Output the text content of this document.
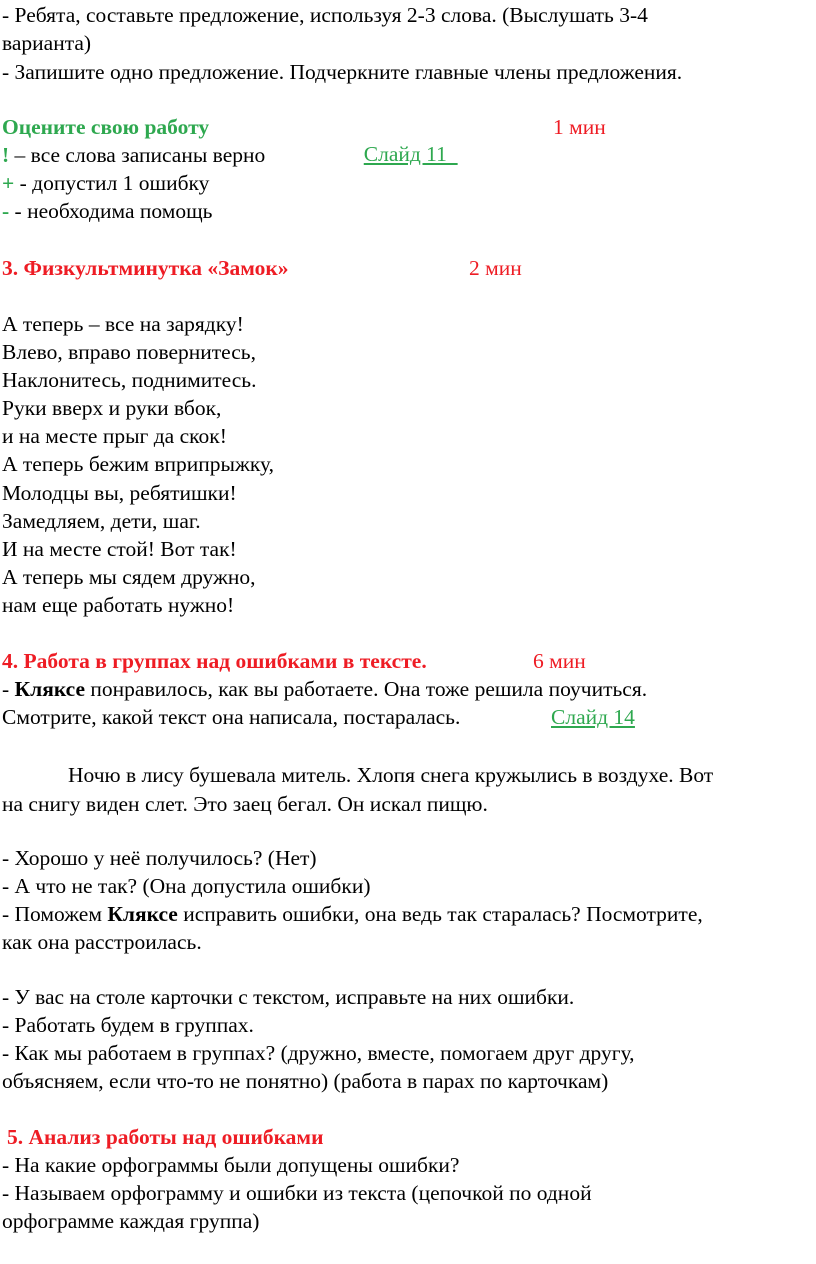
- Ребята, составьте предложение, используя 2-3 слова. (Выслушать 3-4
варианта)
- Запишите одно предложение. Подчеркните главные члены предложения.
Оцените свою работу

Слайд 11

1 мин
! – все слова записаны верно
+ - допустил 1 ошибку
- - необходима помощь
3. Физкультминутка «Замок»	2 мин
А теперь – все на зарядку!
Влево, вправо повернитесь,
Наклонитесь, поднимитесь.
Руки вверх и руки вбок,
и на месте прыг да скок!
А теперь бежим вприпрыжку,
Молодцы вы, ребятишки!
Замедляем, дети, шаг.
И на месте стой! Вот так!
А теперь мы сядем дружно,
нам еще работать нужно!
4. Работа в группах над ошибками в тексте.	6 мин
- Кляксе понравилось, как вы работаете. Она тоже решила поучиться.
Смотрите, какой текст она написала, постаралась.	Слайд 14
Ночю в лису бушевала митель. Хлопя снега кружылись в воздухе. Вот
на снигу виден слет. Это заец бегал. Он искал пищю.
- Хорошо у неё получилось? (Нет)
- А что не так? (Она допустила ошибки)
- Поможем Кляксе исправить ошибки, она ведь так старалась? Посмотрите,
как она расстроилась.
- У вас на столе карточки с текстом, исправьте на них ошибки.
- Работать будем в группах.
- Как мы работаем в группах? (дружно, вместе, помогаем друг другу,
объясняем, если что-то не понятно) (работа в парах по карточкам)
5. Анализ работы над ошибками
- На какие орфограммы были допущены ошибки?
- Называем орфограмму и ошибки из текста (цепочкой по одной
орфограмме каждая группа)
